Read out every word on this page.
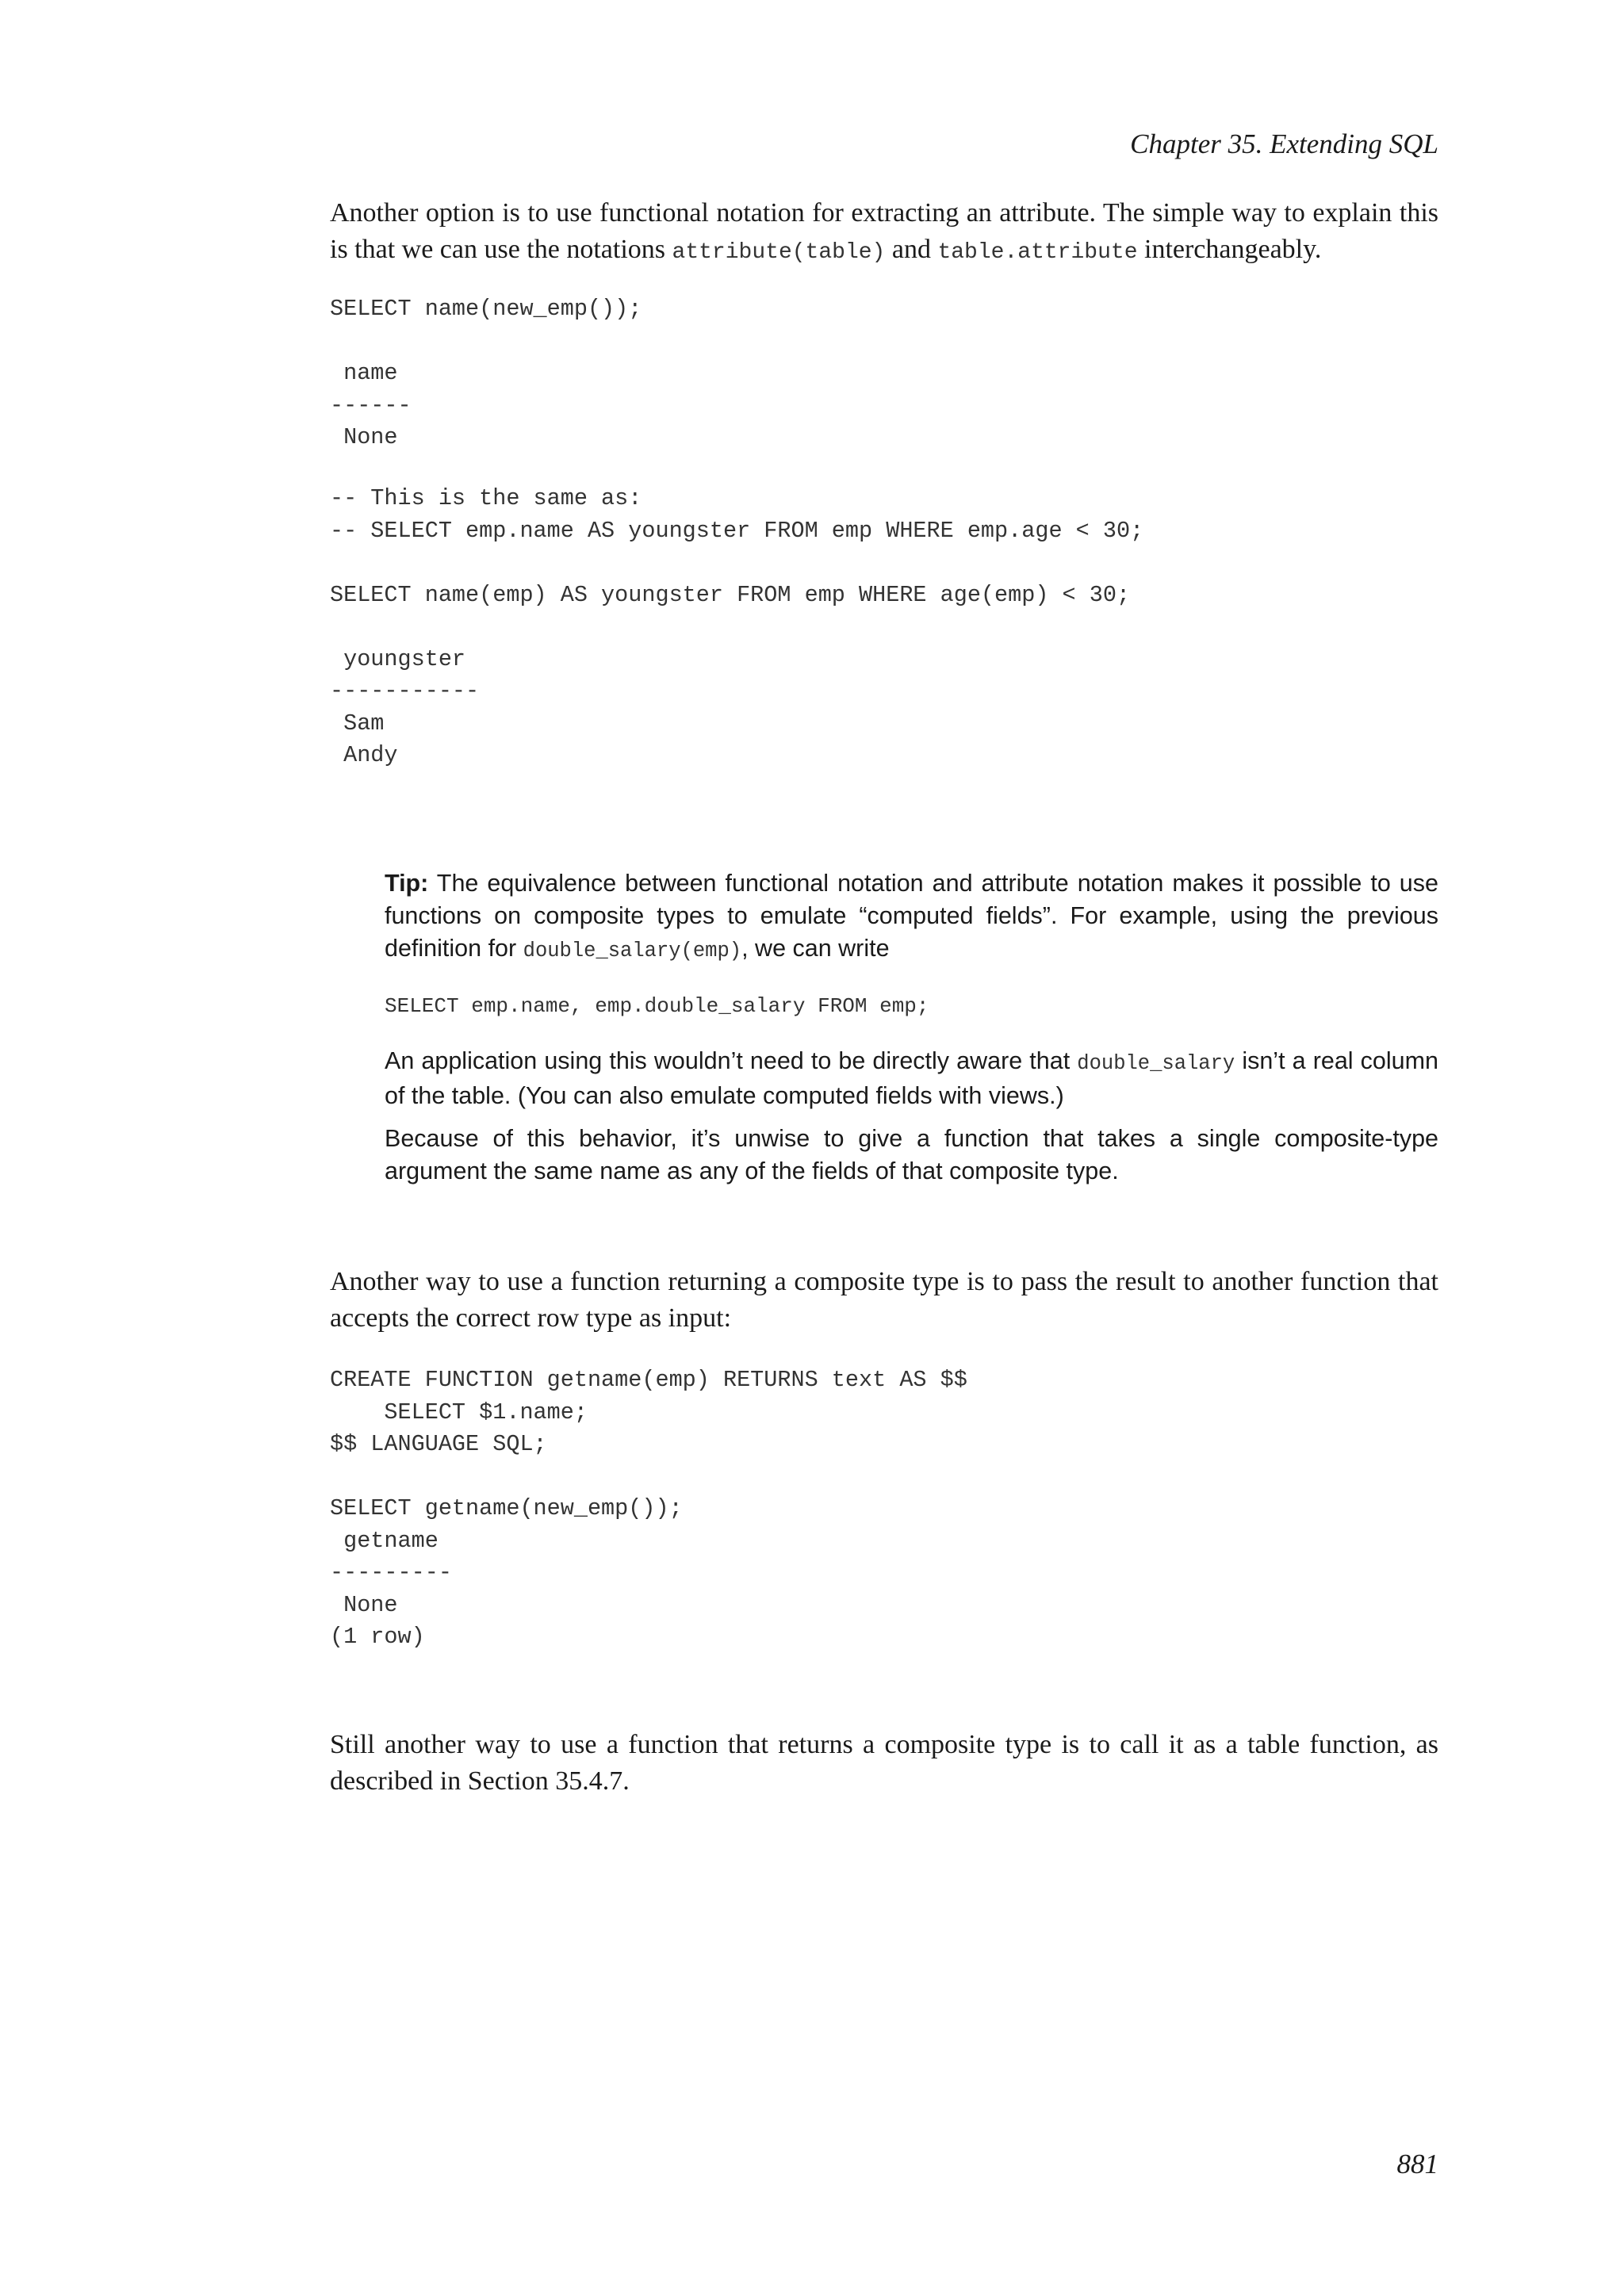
Chapter 35. Extending SQL

Another option is to use functional notation for extracting an attribute. The simple way to explain this is that we can use the notations attribute(table) and table.attribute interchangeably.

SELECT name(new_emp());

name
------
None
-- This is the same as:
-- SELECT emp.name AS youngster FROM emp WHERE emp.age < 30;

SELECT name(emp) AS youngster FROM emp WHERE age(emp) < 30;

youngster
-----------
Sam
Andy

Tip: The equivalence between functional notation and attribute notation makes it possible to use functions on composite types to emulate “computed fields”. For example, using the previous definition for double_salary(emp), we can write

SELECT emp.name, emp.double_salary FROM emp;

An application using this wouldn’t need to be directly aware that double_salary isn’t a real column of the table. (You can also emulate computed fields with views.)

Because of this behavior, it’s unwise to give a function that takes a single composite-type argument the same name as any of the fields of that composite type.

Another way to use a function returning a composite type is to pass the result to another function that accepts the correct row type as input:

CREATE FUNCTION getname(emp) RETURNS text AS $$
SELECT $1.name;
$$ LANGUAGE SQL;

SELECT getname(new_emp());
getname
---------
None
(1 row)

Still another way to use a function that returns a composite type is to call it as a table function, as described in Section 35.4.7.

881
